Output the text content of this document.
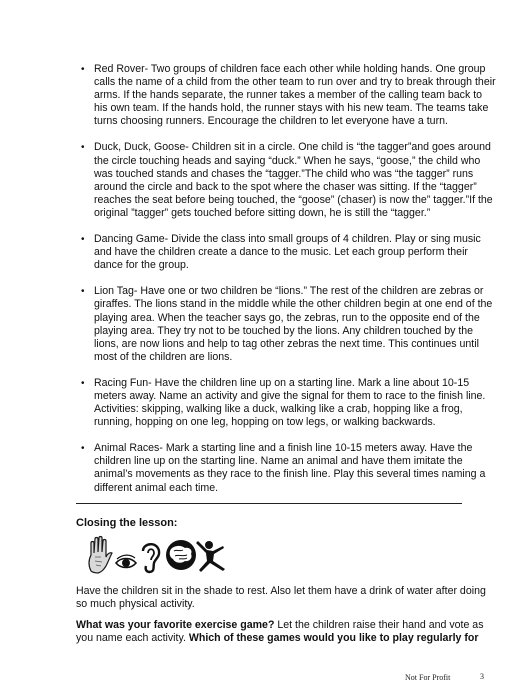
• Red Rover- Two groups of children face each other while holding hands. One group calls the name of a child from the other team to run over and try to break through their arms. If the hands separate, the runner takes a member of the calling team back to his own team. If the hands hold, the runner stays with his new team. The teams take turns choosing runners. Encourage the children to let everyone have a turn.
• Duck, Duck, Goose- Children sit in a circle. One child is “the tagger”and goes around the circle touching heads and saying “duck.” When he says, “goose,” the child who was touched stands and chases the “tagger.”The child who was “the tagger” runs around the circle and back to the spot where the chaser was sitting. If the “tagger” reaches the seat before being touched, the “goose” (chaser) is now the” tagger.”If the original ”tagger” gets touched before sitting down, he is still the “tagger.”
• Dancing Game- Divide the class into small groups of 4 children. Play or sing music and have the children create a dance to the music. Let each group perform their dance for the group.
• Lion Tag- Have one or two children be “lions.” The rest of the children are zebras or giraffes. The lions stand in the middle while the other children begin at one end of the playing area. When the teacher says go, the zebras, run to the opposite end of the playing area. They try not to be touched by the lions. Any children touched by the lions, are now lions and help to tag other zebras the next time. This continues until most of the children are lions.
• Racing Fun- Have the children line up on a starting line. Mark a line about 10-15 meters away. Name an activity and give the signal for them to race to the finish line. Activities: skipping, walking like a duck, walking like a crab, hopping like a frog, running, hopping on one leg, hopping on tow legs, or walking backwards.
• Animal Races- Mark a starting line and a finish line 10-15 meters away. Have the children line up on the starting line. Name an animal and have them imitate the animal’s movements as they race to the finish line. Play this several times naming a different animal each time.
Closing the lesson:
Have the children sit in the shade to rest. Also let them have a drink of water after doing so much physical activity.
What was your favorite exercise game? Let the children raise their hand and vote as you name each activity. Which of these games would you like to play regularly for
Not For Profit	3
